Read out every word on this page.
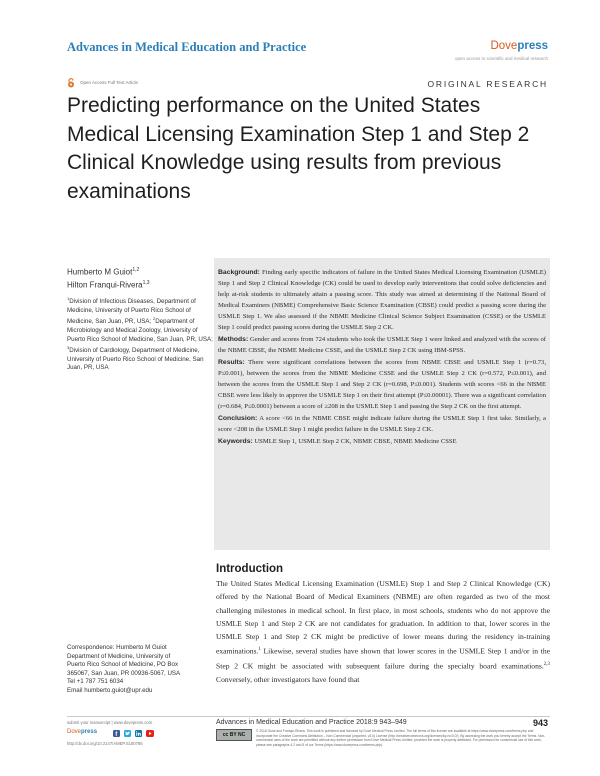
Advances in Medical Education and Practice	Dovepress
open access to scientific and medical research
Open Access Full Text Article	ORIGINAL RESEARCH
Predicting performance on the United States Medical Licensing Examination Step 1 and Step 2 Clinical Knowledge using results from previous examinations
Humberto M Guiot$^{1,2}$
Hilton Franqui-Rivera$^{1,3}$
$^1$Division of Infectious Diseases, Department of Medicine, University of Puerto Rico School of Medicine, San Juan, PR, USA; $^2$Department of Microbiology and Medical Zoology, University of Puerto Rico School of Medicine, San Juan, PR, USA; $^3$Division of Cardiology, Department of Medicine, University of Puerto Rico School of Medicine, San Juan, PR, USA

Background: Finding early specific indicators of failure in the United States Medical Licensing Examination (USMLE) Step 1 and Step 2 Clinical Knowledge (CK) could be used to develop early interventions that could solve deficiencies and help at-risk students to ultimately attain a passing score. This study was aimed at determining if the National Board of Medical Examiners (NBME) Comprehensive Basic Science Examination (CBSE) could predict a passing score during the USMLE Step 1. We also assessed if the NBME Medicine Clinical Science Subject Examination (CSSE) or the USMLE Step 1 could predict passing scores during the USMLE Step 2 CK.

Methods: Gender and scores from 724 students who took the USMLE Step 1 were linked and analyzed with the scores of the NBME CBSE, the NBME Medicine CSSE, and the USMLE Step 2 CK using IBM-SPSS.

Results: There were significant correlations between the scores from NBME CBSE and USMLE Step 1 (r=0.73, P≤0.001), between the scores from the NBME Medicine CSSE and the USMLE Step 2 CK (r=0.572, P≤0.001), and between the scores from the USMLE Step 1 and Step 2 CK (r=0.698, P≤0.001). Students with scores <66 in the NBME CBSE were less likely to approve the USMLE Step 1 on their first attempt (P≤0.00001). There was a significant correlation (r=0.684, P≤0.0001) between a score of ≥208 in the USMLE Step 1 and passing the Step 2 CK on the first attempt.

Conclusion: A score <66 in the NBME CBSE might indicate failure during the USMLE Step 1 first take. Similarly, a score <208 in the USMLE Step 1 might predict failure in the USMLE Step 2 CK.

Keywords: USMLE Step 1, USMLE Step 2 CK, NBME CBSE, NBME Medicine CSSE

Introduction
The United States Medical Licensing Examination (USMLE) Step 1 and Step 2 Clinical Knowledge (CK) offered by the National Board of Medical Examiners (NBME) are often regarded as two of the most challenging milestones in medical school. In first place, in most schools, students who do not approve the USMLE Step 1 and Step 2 CK are not candidates for graduation. In addition to that, lower scores in the USMLE Step 1 and Step 2 CK might be predictive of lower means during the residency in-training examinations.$^1$ Likewise, several studies have shown that lower scores in the USMLE Step 1 and/or in the Step 2 CK might be associated with subsequent failure during the specialty board examinations.$^{2,3}$ Conversely, other investigators have found that
Correspondence: Humberto M Guiot
Department of Medicine, University of
Puerto Rico School of Medicine, PO Box
365067, San Juan, PR 00936-5067, USA
Tel +1 787 751 6034
Email humberto.guiot@upr.edu
submit your manuscript | www.dovepress.com
Dovepress
f
http://dx.doi.org/10.2147/AMEP.S180786
Advances in Medical Education and Practice 2018:9 943–949	943
cc BY NC
© 2018 Guiot and Franqui-Rivera. This work is published and licensed by Dove Medical Press Limited. The full terms of this license are available at https://www.dovepress.com/terms.php and incorporate the Creative Commons Attribution – Non Commercial (unported, v3.0) License (http://creativecommons.org/licenses/by-nc/3.0/). By accessing the work you hereby accept the Terms. Non-commercial uses of the work are permitted without any further permission from Dove Medical Press Limited, provided the work is properly attributed. For permission for commercial use of this work, please see paragraphs 4.2 and 5 of our Terms (https://www.dovepress.com/terms.php).
